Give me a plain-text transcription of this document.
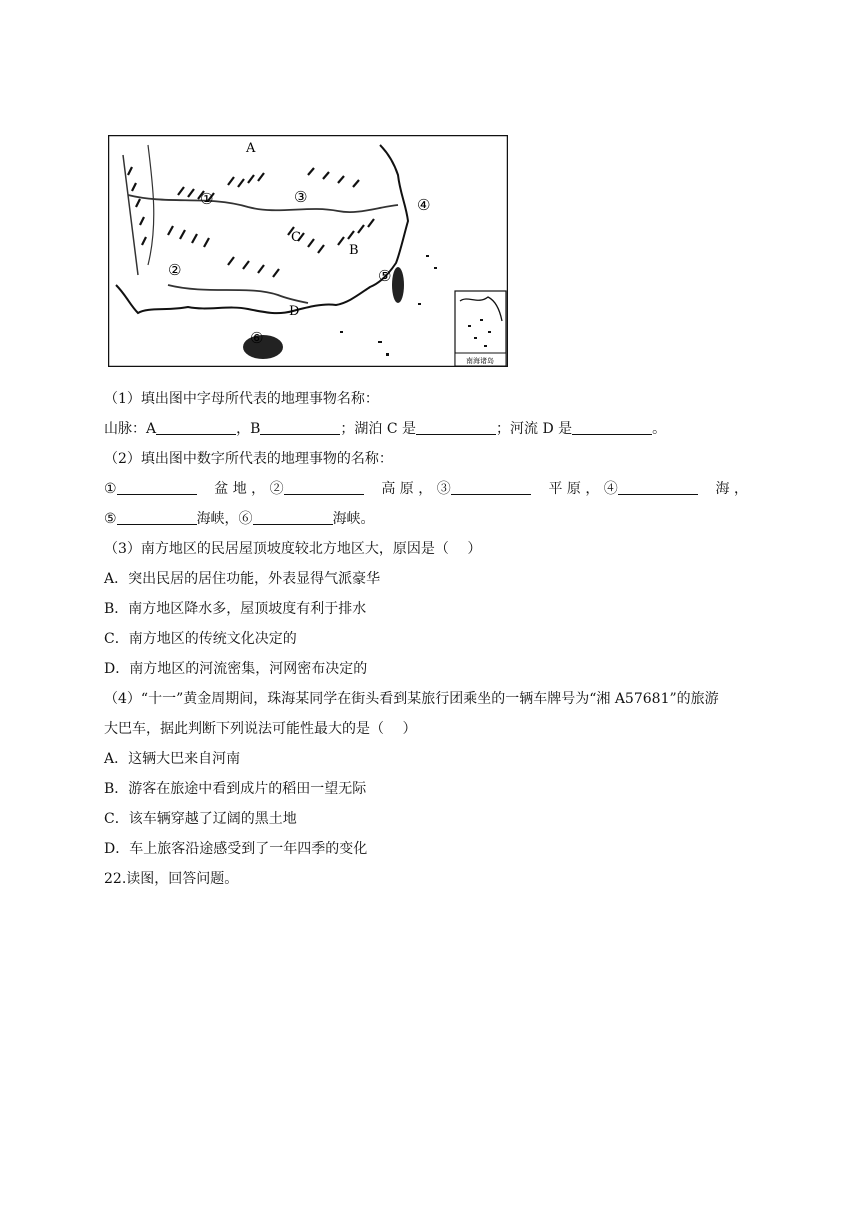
A
B
C
D
①
②
③	④
⑤
⑥
南海诸岛
（1）填出图中字母所代表的地理事物名称：
山脉：A	，B	；湖泊 C 是	；河流 D 是	。
（2）填出图中数字所代表的地理事物的名称：
①	盆 地 ， ②	高 原 ， ③	平 原 ， ④	海 ，
⑤	海峡，⑥	海峡。
（3）南方地区的民居屋顶坡度较北方地区大，原因是（　 ）
A．突出民居的居住功能，外表显得气派豪华
B．南方地区降水多，屋顶坡度有利于排水
C．南方地区的传统文化决定的
D．南方地区的河流密集，河网密布决定的
（4）“十一”黄金周期间，珠海某同学在街头看到某旅行团乘坐的一辆车牌号为“湘 A57681”的旅游
大巴车，据此判断下列说法可能性最大的是（　 ）
A．这辆大巴来自河南
B．游客在旅途中看到成片的稻田一望无际
C．该车辆穿越了辽阔的黑土地
D．车上旅客沿途感受到了一年四季的变化
22.读图，回答问题。
